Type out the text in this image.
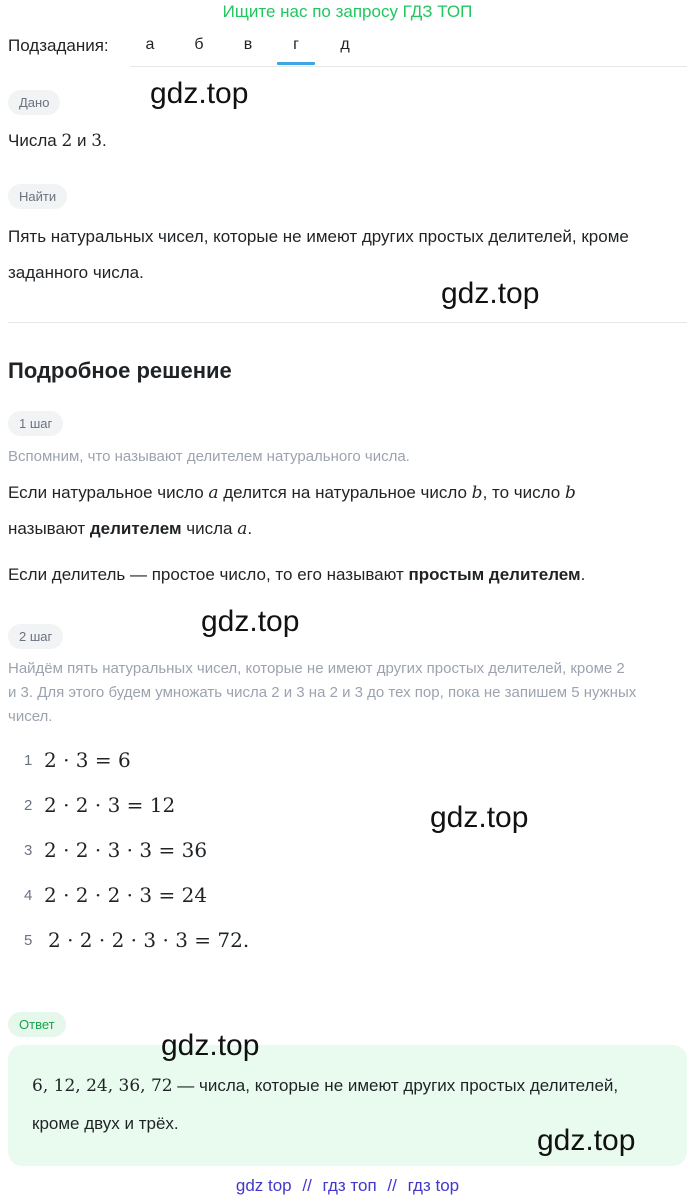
Ищите нас по запросу ГДЗ ТОП
Подзадания:	а	б	в	г	д
Дано
Числа 2 и 3.
Найти
Пять натуральных чисел, которые не имеют других простых делителей, кроме
заданного числа.
Подробное решение
1 шаг
Вспомним, что называют делителем натурального числа.
Если натуральное число a делится на натуральное число b, то число b
называют делителем числа a.
Если делитель — простое число, то его называют простым делителем.
2 шаг
Найдём пять натуральных чисел, которые не имеют других простых делителей, кроме 2
и 3. Для этого будем умножать числа 2 и 3 на 2 и 3 до тех пор, пока не запишем 5 нужных
чисел.
1 2 · 3 = 6
2 2 · 2 · 3 = 12
3 2 · 2 · 3 · 3 = 36
4 2 · 2 · 2 · 3 = 24
5 2 · 2 · 2 · 3 · 3 = 72.
Ответ
6, 12, 24, 36, 72 — числа, которые не имеют других простых делителей,
кроме двух и трёх.
gdz.top
gdz.top
gdz.top
gdz.top
gdz.top
gdz.top
gdz top // гдз топ // гдз top
